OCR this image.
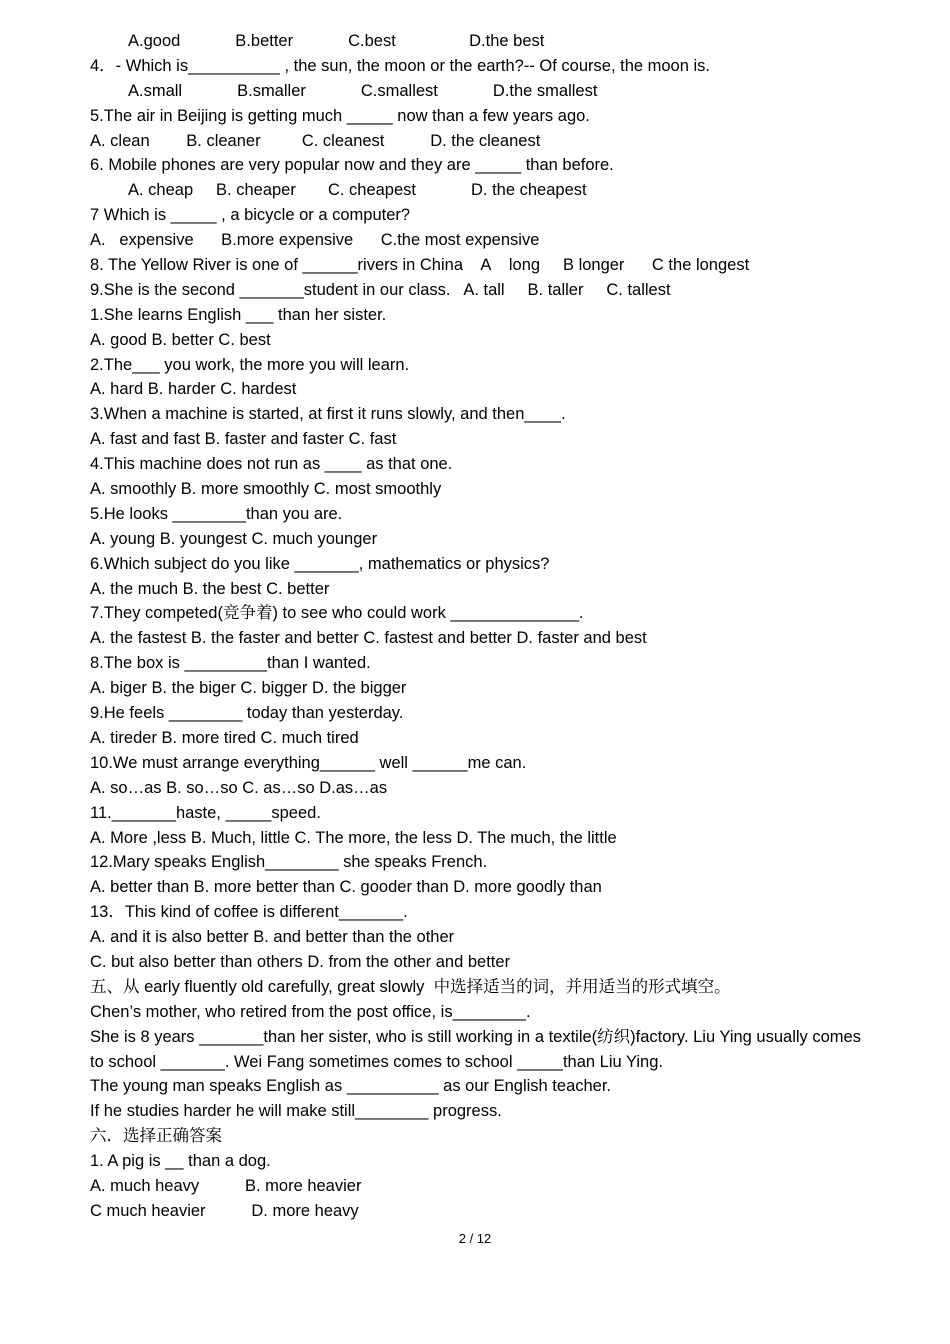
A.good            B.better            C.best                D.the best
4．- Which is__________ , the sun, the moon or the earth?-- Of course, the moon is.
A.small            B.smaller            C.smallest            D.the smallest
5.The air in Beijing is getting much _____ now than a few years ago.
A. clean        B. cleaner         C. cleanest          D. the cleanest
6. Mobile phones are very popular now and they are _____ than before.
A. cheap     B. cheaper       C. cheapest            D. the cheapest
7 Which is _____ , a bicycle or a computer?
A.   expensive      B.more expensive      C.the most expensive
8. The Yellow River is one of ______rivers in China    A    long     B longer      C the longest
9.She is the second _______student in our class.   A. tall     B. taller     C. tallest
1.She learns English ___ than her sister.
A. good B. better C. best
2.The___ you work, the more you will learn.
A. hard B. harder C. hardest
3.When a machine is started, at first it runs slowly, and then____.
A. fast and fast B. faster and faster C. fast
4.This machine does not run as ____ as that one.
A. smoothly B. more smoothly C. most smoothly
5.He looks ________than you are.
A. young B. youngest C. much younger
6.Which subject do you like _______, mathematics or physics?
A. the much B. the best C. better
7.They competed(竞争着) to see who could work ______________.
A. the fastest B. the faster and better C. fastest and better D. faster and best
8.The box is _________than I wanted.
A. biger B. the biger C. bigger D. the bigger
9.He feels ________ today than yesterday.
A. tireder B. more tired C. much tired
10.We must arrange everything______ well ______me can.
A. so…as B. so…so C. as…so D.as…as
11._______haste, _____speed.
A. More ,less B. Much, little C. The more, the less D. The much, the little
12.Mary speaks English________ she speaks French.
A. better than B. more better than C. gooder than D. more goodly than
13．This kind of coffee is different_______.
A. and it is also better B. and better than the other
C. but also better than others D. from the other and better
五、从 early fluently old carefully, great slowly  中选择适当的词，并用适当的形式填空。
Chen’s mother, who retired from the post office, is________.
She is 8 years _______than her sister, who is still working in a textile(纺织)factory. Liu Ying usually comes
to school _______. Wei Fang sometimes comes to school _____than Liu Ying.
The young man speaks English as __________ as our English teacher.
If he studies harder he will make still________ progress.
六．选择正确答案
1. A pig is __ than a dog.
A. much heavy          B. more heavier
C much heavier          D. more heavy
2 / 12
